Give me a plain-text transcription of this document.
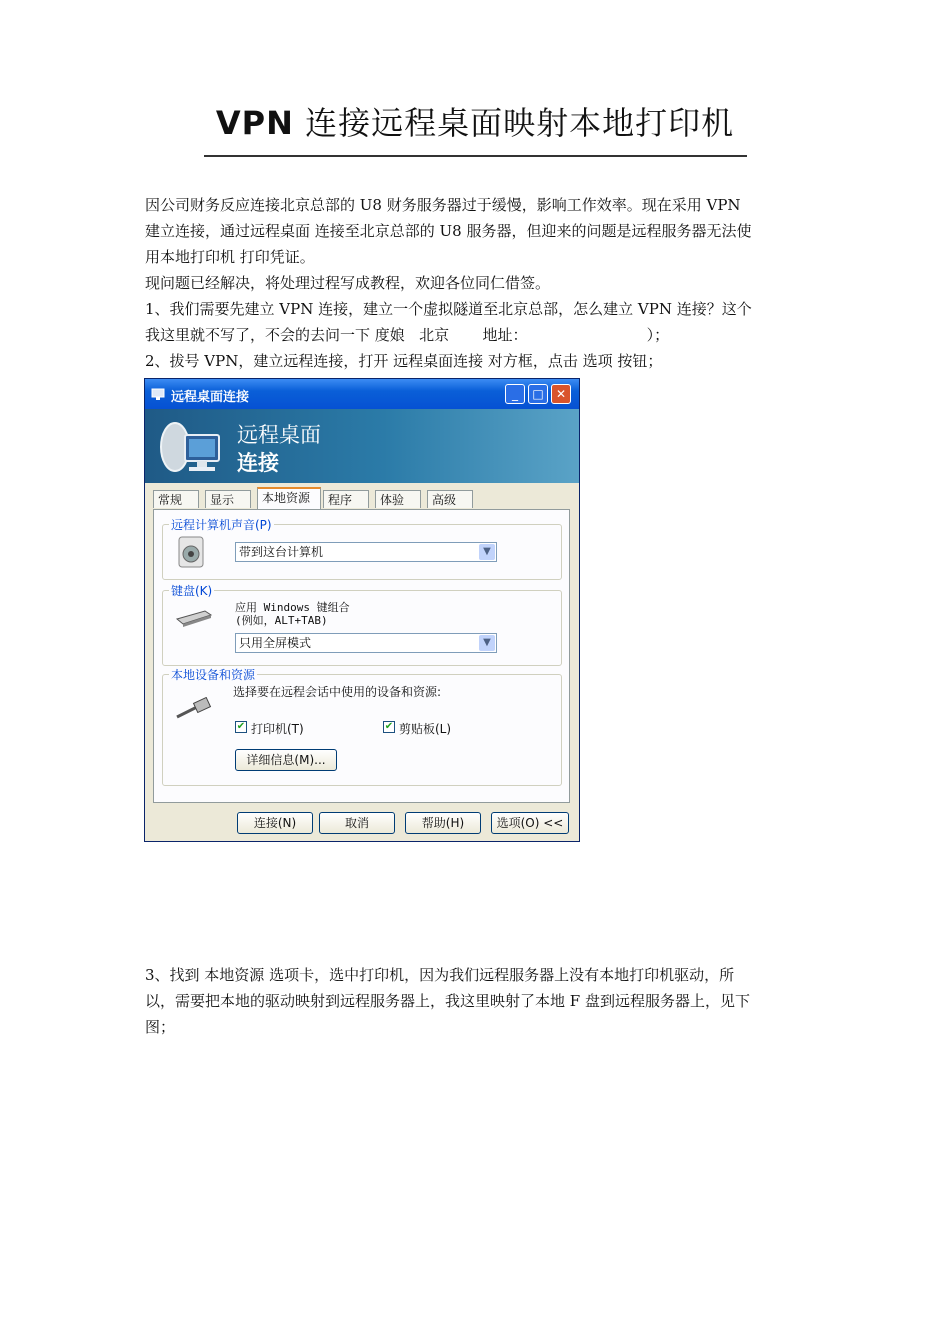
VPN 连接远程桌面映射本地打印机
因公司财务反应连接北京总部的 U8 财务服务器过于缓慢，影响工作效率。现在采用 VPN
建立连接，通过远程桌面 连接至北京总部的 U8 服务器，但迎来的问题是远程服务器无法使
用本地打印机 打印凭证。
现问题已经解决，将处理过程写成教程，欢迎各位同仁借签。
1、我们需要先建立 VPN 连接，建立一个虚拟隧道至北京总部，怎么建立 VPN 连接？这个
我这里就不写了，不会的去问一下 度娘   北京       地址：                         ）；
2、拔号 VPN，建立远程连接，打开 远程桌面连接 对方框，点击 选项 按钮；
远程桌面连接	_	□	✕
远程桌面
连接
常规	显示	本地资源	程序	体验	高级
远程计算机声音(P)
带到这台计算机	▼
键盘(K)
应用 Windows 键组合
(例如，ALT+TAB)
只用全屏模式	▼
本地设备和资源
选择要在远程会话中使用的设备和资源:
✔ 打印机(T)	✔ 剪贴板(L)
详细信息(M)...
连接(N)	取消	帮助(H)	选项(O) <<
3、找到 本地资源 选项卡，选中打印机，因为我们远程服务器上没有本地打印机驱动，所
以，需要把本地的驱动映射到远程服务器上，我这里映射了本地 F 盘到远程服务器上，见下
图；
